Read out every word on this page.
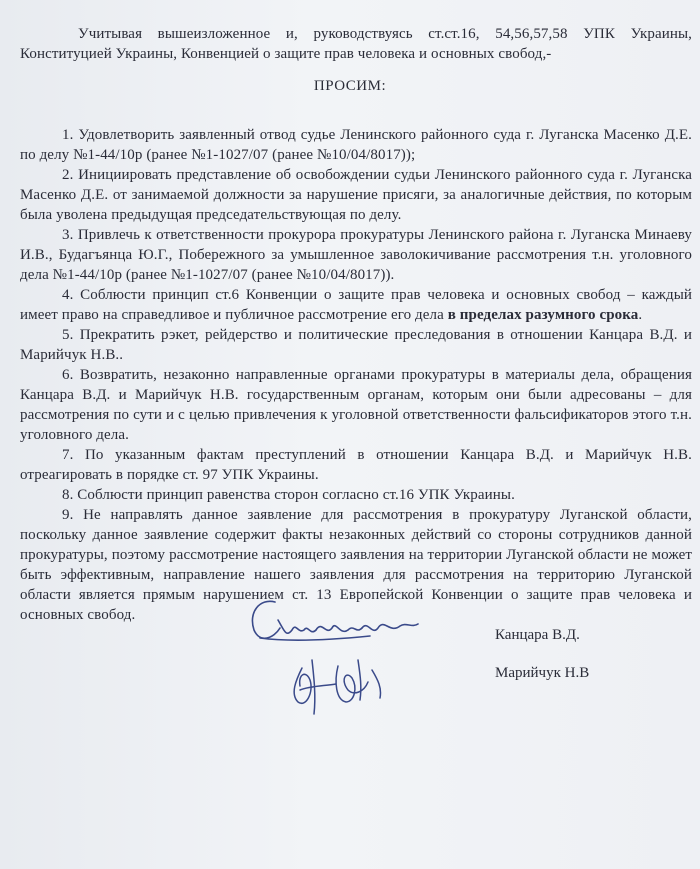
Учитывая вышеизложенное и, руководствуясь ст.ст.16, 54,56,57,58 УПК Украины, Конституцией Украины, Конвенцией о защите прав человека и основных свобод,-
ПРОСИМ:

1. Удовлетворить заявленный отвод судье Ленинского районного суда г. Луганска Масенко Д.Е. по делу №1-44/10р (ранее №1-1027/07 (ранее №10/04/8017));

2. Инициировать представление об освобождении судьи Ленинского районного суда г. Луганска Масенко Д.Е. от занимаемой должности за нарушение присяги, за аналогичные действия, по которым была уволена предыдущая председательствующая по делу.

3. Привлечь к ответственности прокурора прокуратуры Ленинского района г. Луганска Минаеву И.В., Будагъянца Ю.Г., Побережного за умышленное заволокичивание рассмотрения т.н. уголовного дела №1-44/10р (ранее №1-1027/07 (ранее №10/04/8017)).

4. Соблюсти принцип ст.6 Конвенции о защите прав человека и основных свобод – каждый имеет право на справедливое и публичное рассмотрение его дела в пределах разумного срока.

5. Прекратить рэкет, рейдерство и политические преследования в отношении Канцара В.Д. и Марийчук Н.В..

6. Возвратить, незаконно направленные органами прокуратуры в материалы дела, обращения Канцара В.Д. и Марийчук Н.В. государственным органам, которым они были адресованы – для рассмотрения по сути и с целью привлечения к уголовной ответственности фальсификаторов этого т.н. уголовного дела.

7. По указанным фактам преступлений в отношении Канцара В.Д. и Марийчук Н.В. отреагировать в порядке ст. 97 УПК Украины.

8. Соблюсти принцип равенства сторон согласно ст.16 УПК Украины.

9. Не направлять данное заявление для рассмотрения в прокуратуру Луганской области, поскольку данное заявление содержит факты незаконных действий со стороны сотрудников данной прокуратуры, поэтому рассмотрение настоящего заявления на территории Луганской области не может быть эффективным, направление нашего заявления для рассмотрения на территорию Луганской области является прямым нарушением ст. 13 Европейской Конвенции о защите прав человека и основных свобод.

Канцара В.Д.
Марийчук Н.В
